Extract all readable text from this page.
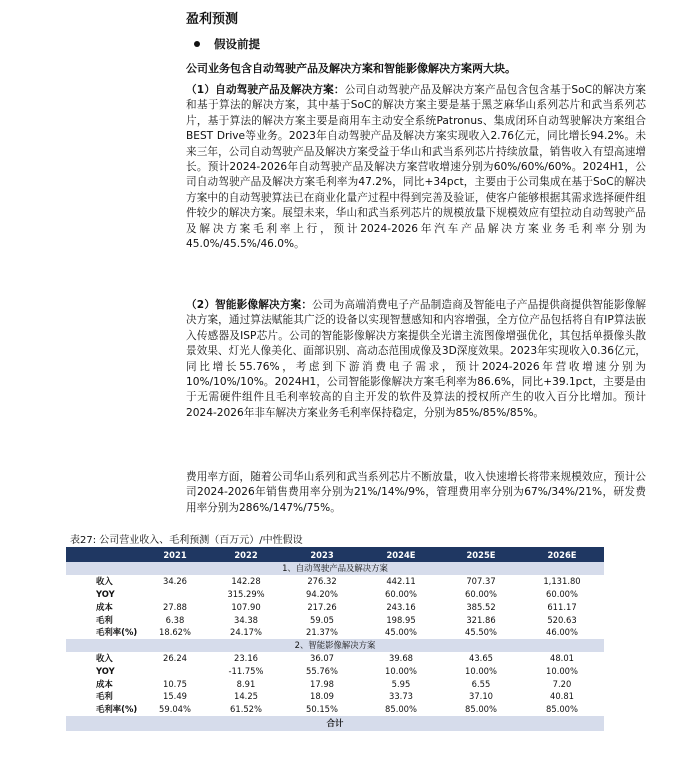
盈利预测
假设前提
公司业务包含自动驾驶产品及解决方案和智能影像解决方案两大块。
（1）自动驾驶产品及解决方案：公司自动驾驶产品及解决方案产品包含包含基于SoC的解决方案和基于算法的解决方案，其中基于SoC的解决方案主要是基于黑芝麻华山系列芯片和武当系列芯片，基于算法的解决方案主要是商用车主动安全系统Patronus、集成闭环自动驾驶解决方案组合BEST Drive等业务。2023年自动驾驶产品及解决方案实现收入2.76亿元，同比增长94.2%。未来三年，公司自动驾驶产品及解决方案受益于华山和武当系列芯片持续放量，销售收入有望高速增长。预计2024-2026年自动驾驶产品及解决方案营收增速分别为60%/60%/60%。2024H1，公司自动驾驶产品及解决方案毛利率为47.2%，同比+34pct，主要由于公司集成在基于SoC的解决方案中的自动驾驶算法已在商业化量产过程中得到完善及验证，使客户能够根据其需求选择硬件组件较少的解决方案。展望未来，华山和武当系列芯片的规模放量下规模效应有望拉动自动驾驶产品及解决方案毛利率上行，预计2024-2026年汽车产品解决方案业务毛利率分别为45.0%/45.5%/46.0%。
（2）智能影像解决方案：公司为高端消费电子产品制造商及智能电子产品提供商提供智能影像解决方案，通过算法赋能其广泛的设备以实现智慧感知和内容增强，全方位产品包括将自有IP算法嵌入传感器及ISP芯片。公司的智能影像解决方案提供全光谱主流图像增强优化，其包括单摄像头散景效果、灯光人像美化、面部识别、高动态范围成像及3D深度效果。2023年实现收入0.36亿元，同比增长55.76%，考虑到下游消费电子需求，预计2024-2026年营收增速分别为10%/10%/10%。2024H1，公司智能影像解决方案毛利率为86.6%，同比+39.1pct，主要是由于无需硬件组件且毛利率较高的自主开发的软件及算法的授权所产生的收入百分比增加。预计2024-2026年非车解决方案业务毛利率保持稳定，分别为85%/85%/85%。
费用率方面，随着公司华山系列和武当系列芯片不断放量，收入快速增长将带来规模效应，预计公司2024-2026年销售费用率分别为21%/14%/9%，管理费用率分别为67%/34%/21%，研发费用率分别为286%/147%/75%。
表27: 公司营业收入、毛利预测（百万元）/中性假设
	2021	2022	2023	2024E	2025E	2026E
1、自动驾驶产品及解决方案						
收入	34.26	142.28	276.32	442.11	707.37	1,131.80
YOY		315.29%	94.20%	60.00%	60.00%	60.00%
成本	27.88	107.90	217.26	243.16	385.52	611.17
毛利	6.38	34.38	59.05	198.95	321.86	520.63
毛利率(%)	18.62%	24.17%	21.37%	45.00%	45.50%	46.00%
2、智能影像解决方案						
收入	26.24	23.16	36.07	39.68	43.65	48.01
YOY		-11.75%	55.76%	10.00%	10.00%	10.00%
成本	10.75	8.91	17.98	5.95	6.55	7.20
毛利	15.49	14.25	18.09	33.73	37.10	40.81
毛利率(%)	59.04%	61.52%	50.15%	85.00%	85.00%	85.00%
合计						
